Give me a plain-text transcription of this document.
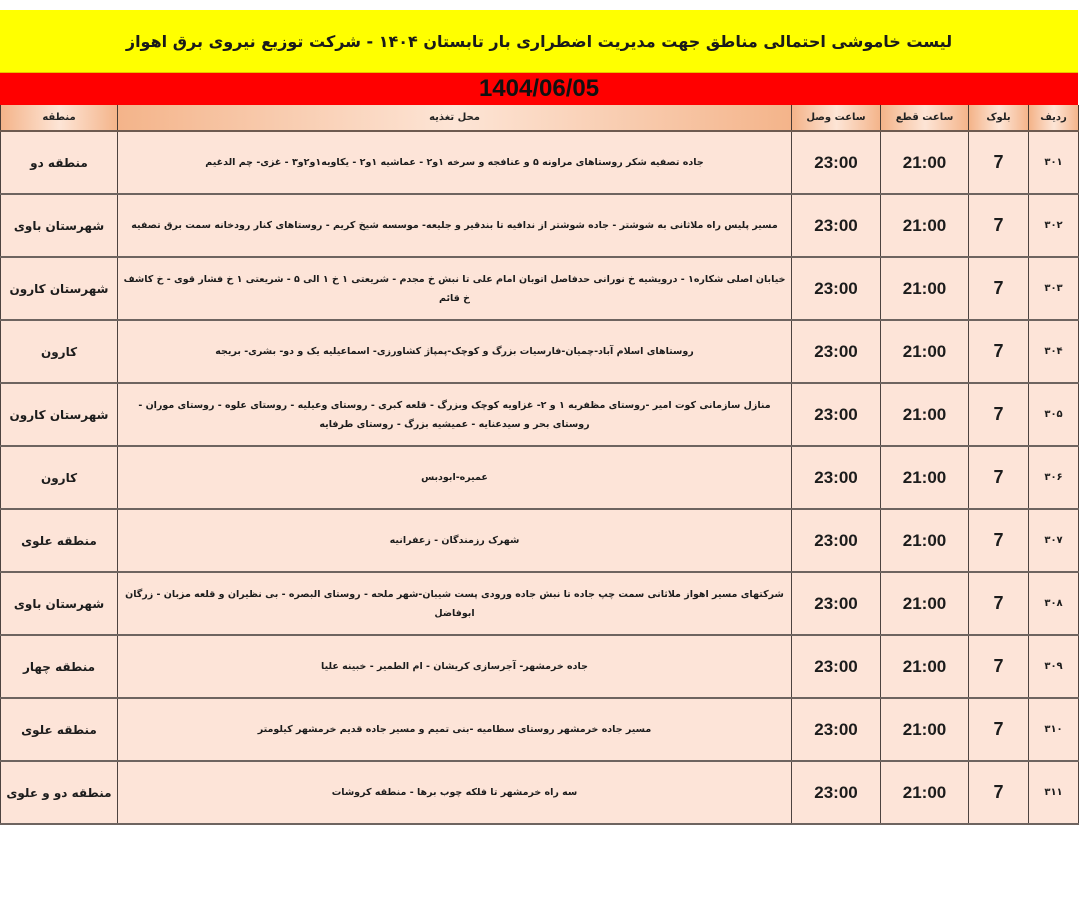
لیست خاموشی احتمالی مناطق جهت مدیریت اضطراری بار تابستان ۱۴۰۴ - شرکت توزیع نیروی برق اهواز
1404/06/05
ردیف	بلوک	ساعت قطع	ساعت وصل	محل تغذیه	منطقه
۳۰۱	7	21:00	23:00	جاده تصفیه شکر روستاهای مراونه ۵ و عنافجه و سرخه ۱و۲ - عماشیه ۱و۲ - یکاویه۱و۲و۳ - غزی- چم الدغیم	منطقه دو
۳۰۲	7	21:00	23:00	مسیر پلیس راه ملاثانی به شوشتر - جاده شوشتر از ندافیه تا بندقیر و جلیعه- موسسه شیخ کریم - روستاهای کنار رودخانه سمت برق تصفیه	شهرستان باوی
۳۰۳	7	21:00	23:00	خیابان اصلی شکاره۱ - درویشیه خ نورانی حدفاصل اتوبان امام علی تا نبش خ مجدم - شریعتی ۱ خ ۱ الی ۵ - شریعتی ۱ خ فشار قوی - خ کاشف خ قائم	شهرستان کارون
۳۰۴	7	21:00	23:00	روستاهای اسلام آباد-چمیان-فارسیات بزرگ و کوچک-پمپاژ کشاورزی- اسماعیلیه یک و دو- بشری- بریجه	کارون
۳۰۵	7	21:00	23:00	منازل سازمانی کوت امیر -روستای مظفریه ۱ و ۲- غزاویه کوچک وبزرگ - قلعه کبری - روستای وعیلیه - روستای علوه - روستای موران - روستای بحر و سیدعنایه - عمیشیه بزرگ - روستای طرفایه	شهرستان کارون
۳۰۶	7	21:00	23:00	عمیره-ابودبس	کارون
۳۰۷	7	21:00	23:00	شهرک رزمندگان - زعفرانیه	منطقه علوی
۳۰۸	7	21:00	23:00	شرکتهای مسیر اهواز ملاثانی سمت چپ جاده تا نبش جاده ورودی پست شیبان-شهر ملحه - روستای البصره - بی نظیران و قلعه مزبان - زرگان ابوفاضل	شهرستان باوی
۳۰۹	7	21:00	23:00	جاده خرمشهر- آجرسازی کریشان - ام الطمیر - خبینه علیا	منطقه چهار
۳۱۰	7	21:00	23:00	مسیر جاده خرمشهر روستای سطامیه -بنی تمیم و مسیر جاده قدیم خرمشهر کیلومتر	منطقه علوی
۳۱۱	7	21:00	23:00	سه راه خرمشهر تا فلکه چوب برها - منطقه کروشات	منطقه دو و علوی
